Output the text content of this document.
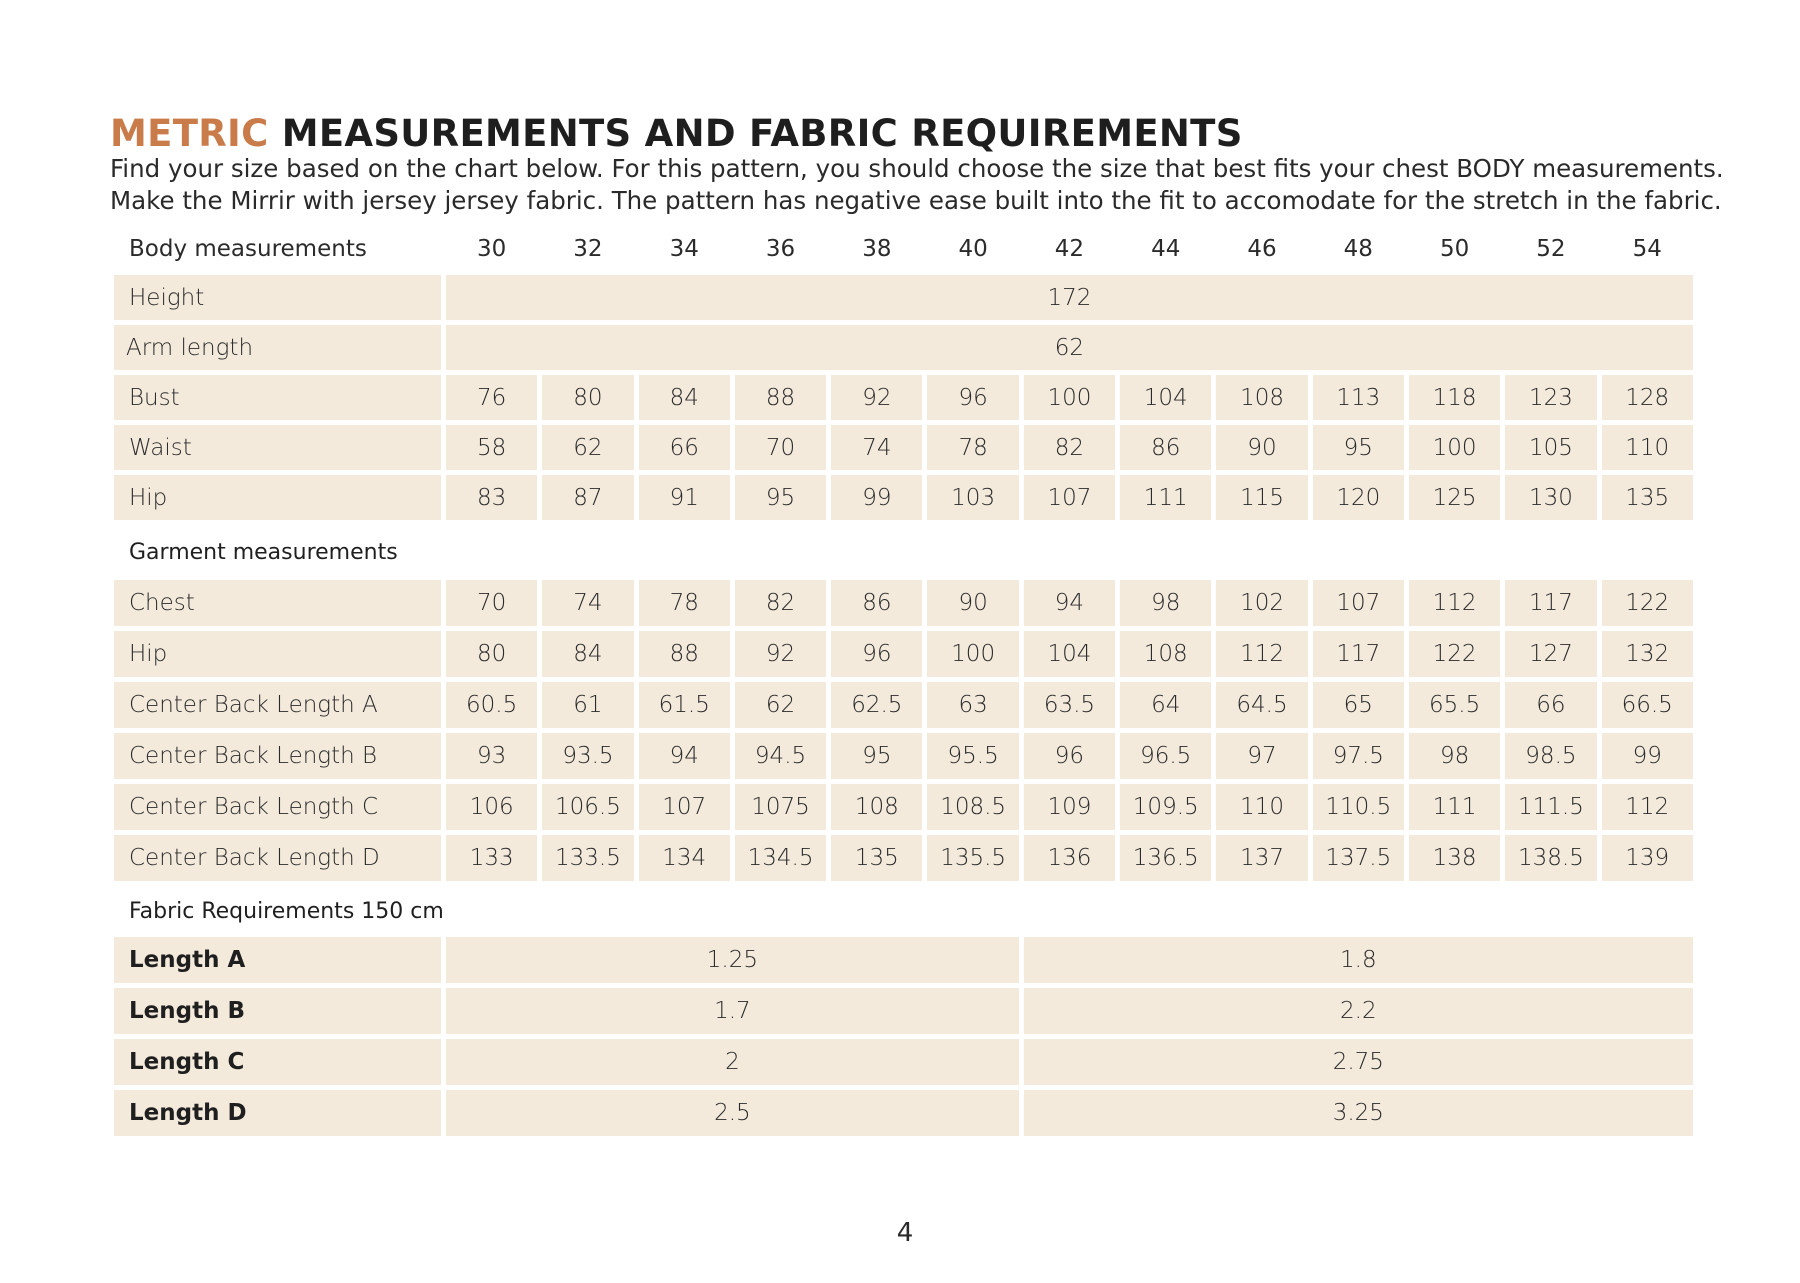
METRIC MEASUREMENTS AND FABRIC REQUIREMENTS
Find your size based on the chart below. For this pattern, you should choose the size that best fits your chest BODY measurements.
Make the Mirrir with jersey jersey fabric. The pattern has negative ease built into the fit to accomodate for the stretch in the fabric.
Body measurements	30	32	34	36	38	40	42	44	46	48	50	52	54
Height	172
Arm length	62
Bust	76	80	84	88	92	96	100	104	108	113	118	123	128
Waist	58	62	66	70	74	78	82	86	90	95	100	105	110
Hip	83	87	91	95	99	103	107	111	115	120	125	130	135
Garment measurements
Chest	70	74	78	82	86	90	94	98	102	107	112	117	122
Hip	80	84	88	92	96	100	104	108	112	117	122	127	132
Center Back Length A	60.5	61	61.5	62	62.5	63	63.5	64	64.5	65	65.5	66	66.5
Center Back Length B	93	93.5	94	94.5	95	95.5	96	96.5	97	97.5	98	98.5	99
Center Back Length C	106	106.5	107	1075	108	108.5	109	109.5	110	110.5	111	111.5	112
Center Back Length D	133	133.5	134	134.5	135	135.5	136	136.5	137	137.5	138	138.5	139
Fabric Requirements 150 cm
Length A	1.25	1.8
Length B	1.7	2.2
Length C	2	2.75
Length D	2.5	3.25
4
